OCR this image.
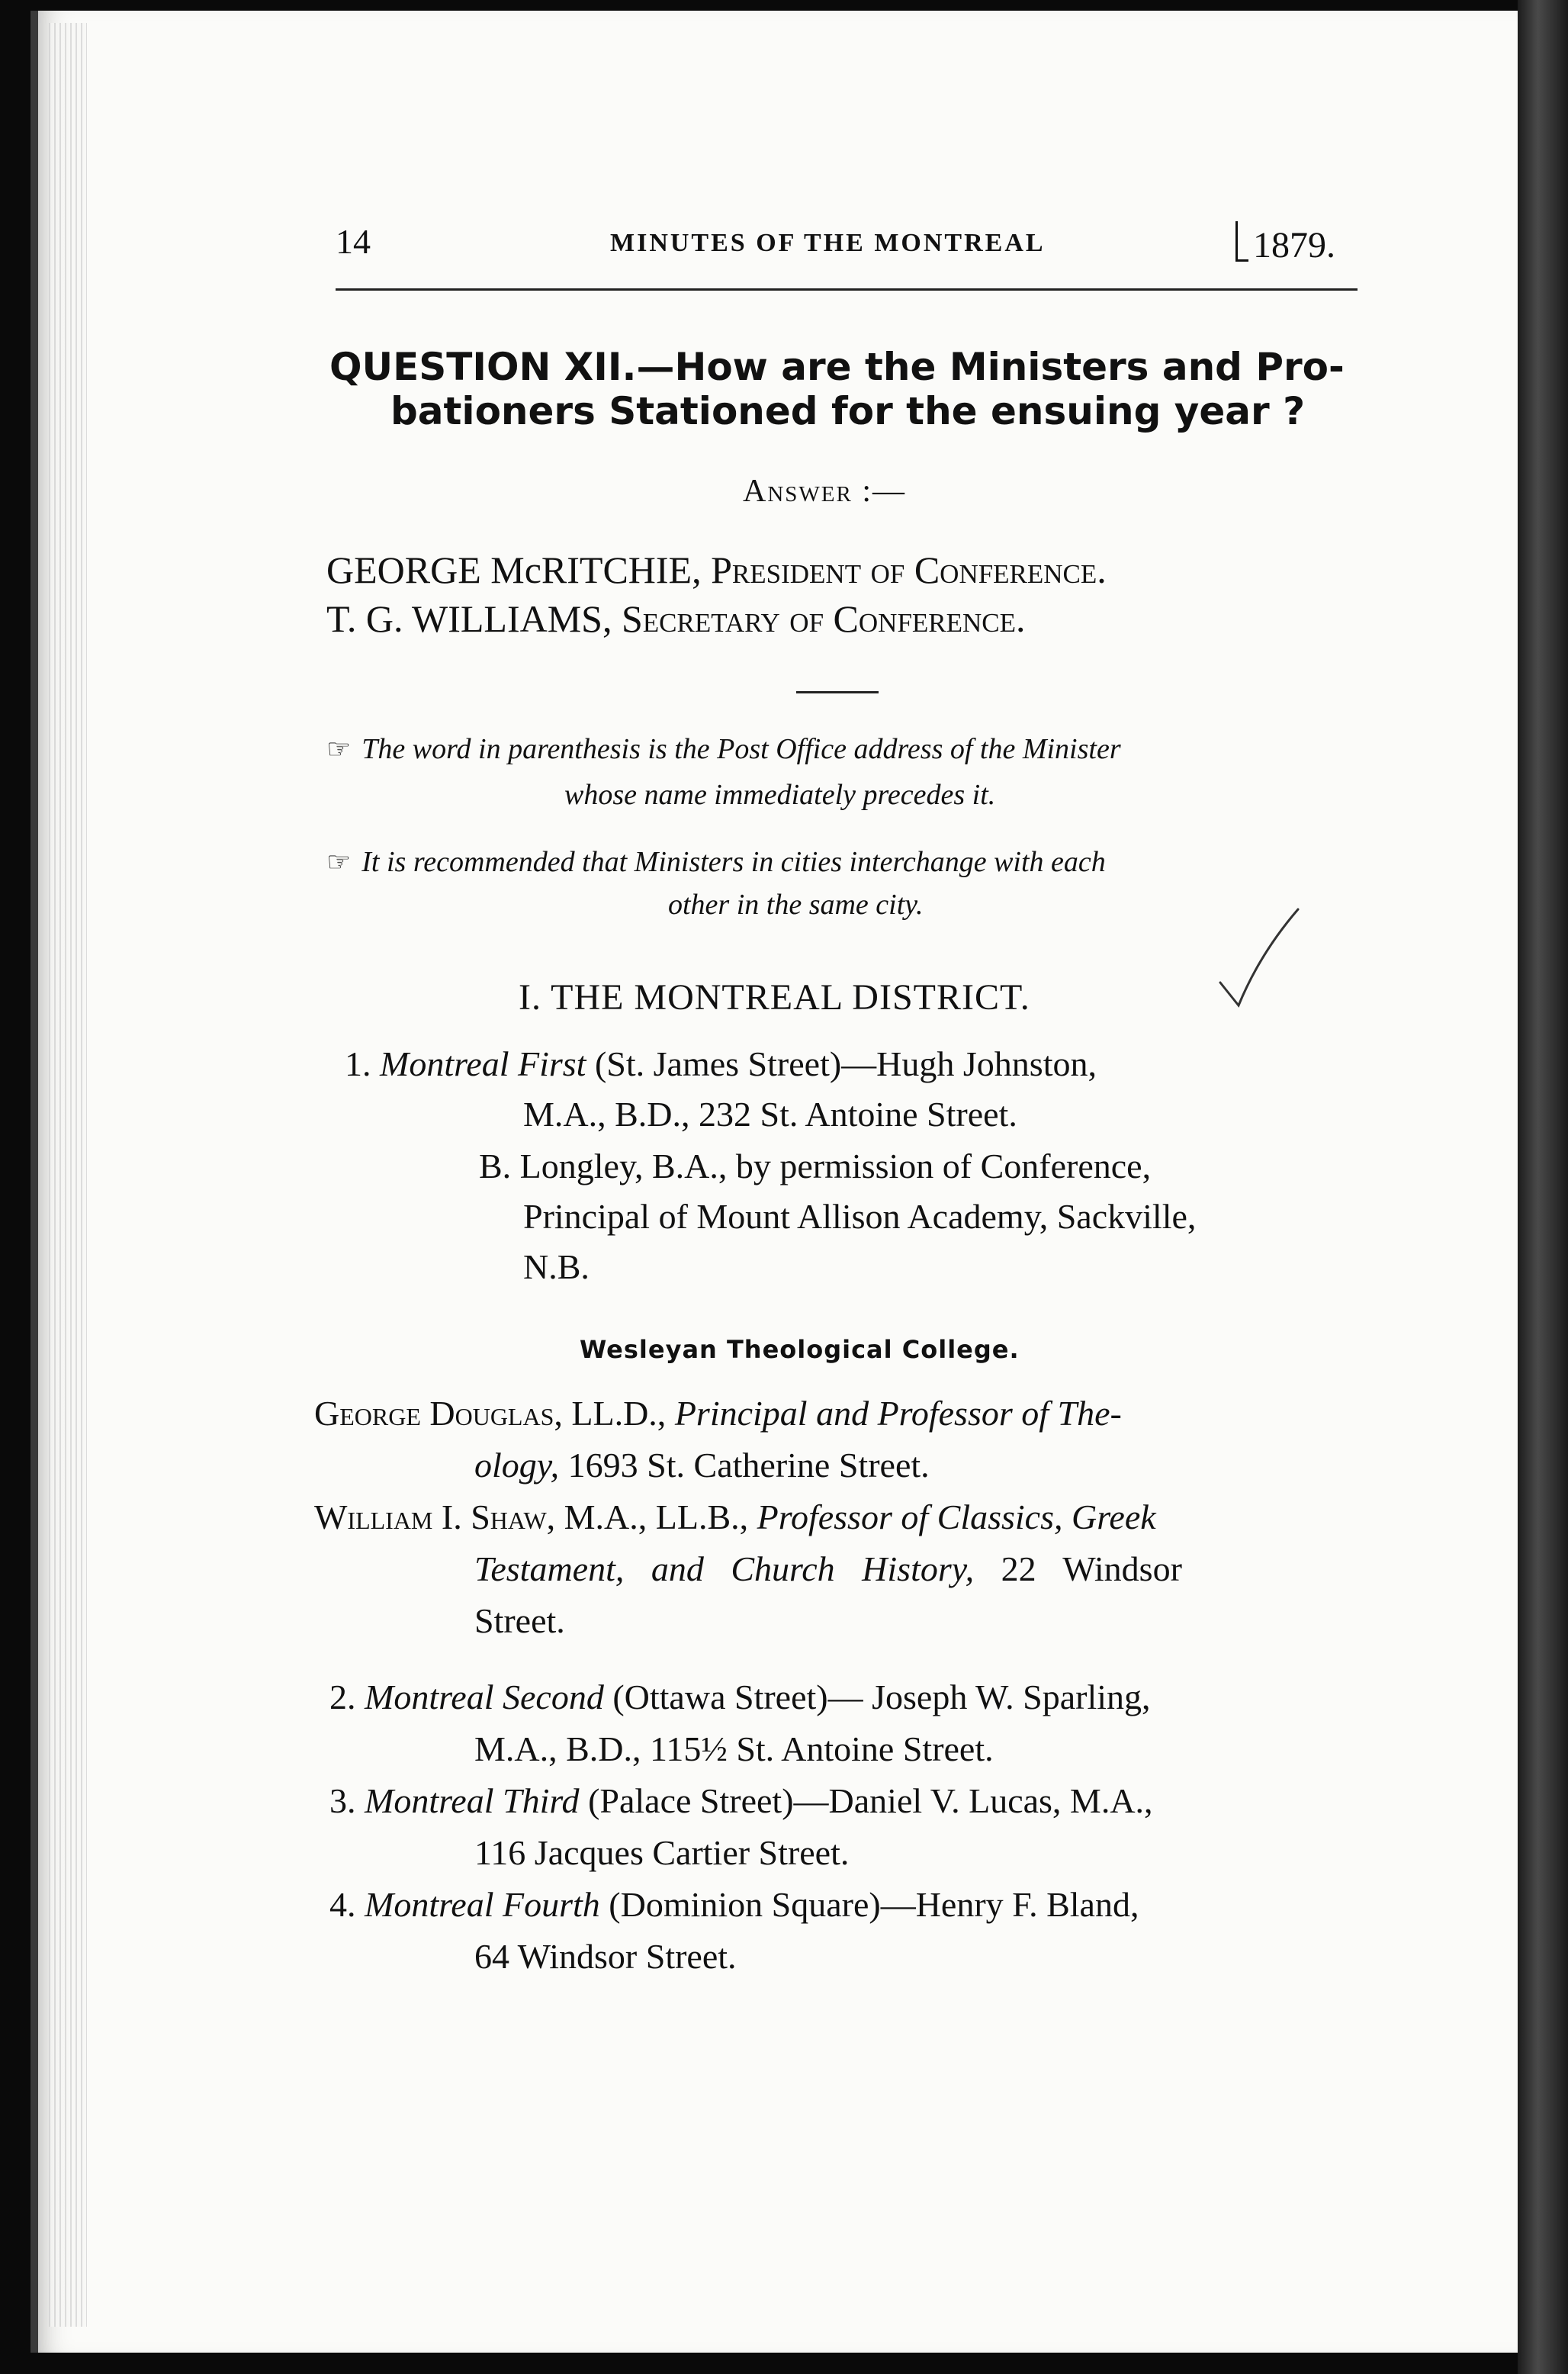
14	MINUTES OF THE MONTREAL	1879.
QUESTION XII.—How are the Ministers and Pro-
bationers Stationed for the ensuing year ?
Answer :—
GEORGE McRITCHIE, President of Conference.
T. G. WILLIAMS, Secretary of Conference.
☞ The word in parenthesis is the Post Office address of the Minister
whose name immediately precedes it.
☞ It is recommended that Ministers in cities interchange with each
other in the same city.
I. THE MONTREAL DISTRICT.
1. Montreal First (St. James Street)—Hugh Johnston,
M.A., B.D., 232 St. Antoine Street.
B. Longley, B.A., by permission of Conference,
Principal of Mount Allison Academy, Sackville,
N.B.
Wesleyan Theological College.
George Douglas, LL.D., Principal and Professor of The-
ology, 1693 St. Catherine Street.
William I. Shaw, M.A., LL.B., Professor of Classics, Greek
Testament, and Church History, 22 Windsor
Street.
2. Montreal Second (Ottawa Street)— Joseph W. Sparling,
M.A., B.D., 115½ St. Antoine Street.
3. Montreal Third (Palace Street)—Daniel V. Lucas, M.A.,
116 Jacques Cartier Street.
4. Montreal Fourth (Dominion Square)—Henry F. Bland,
64 Windsor Street.
